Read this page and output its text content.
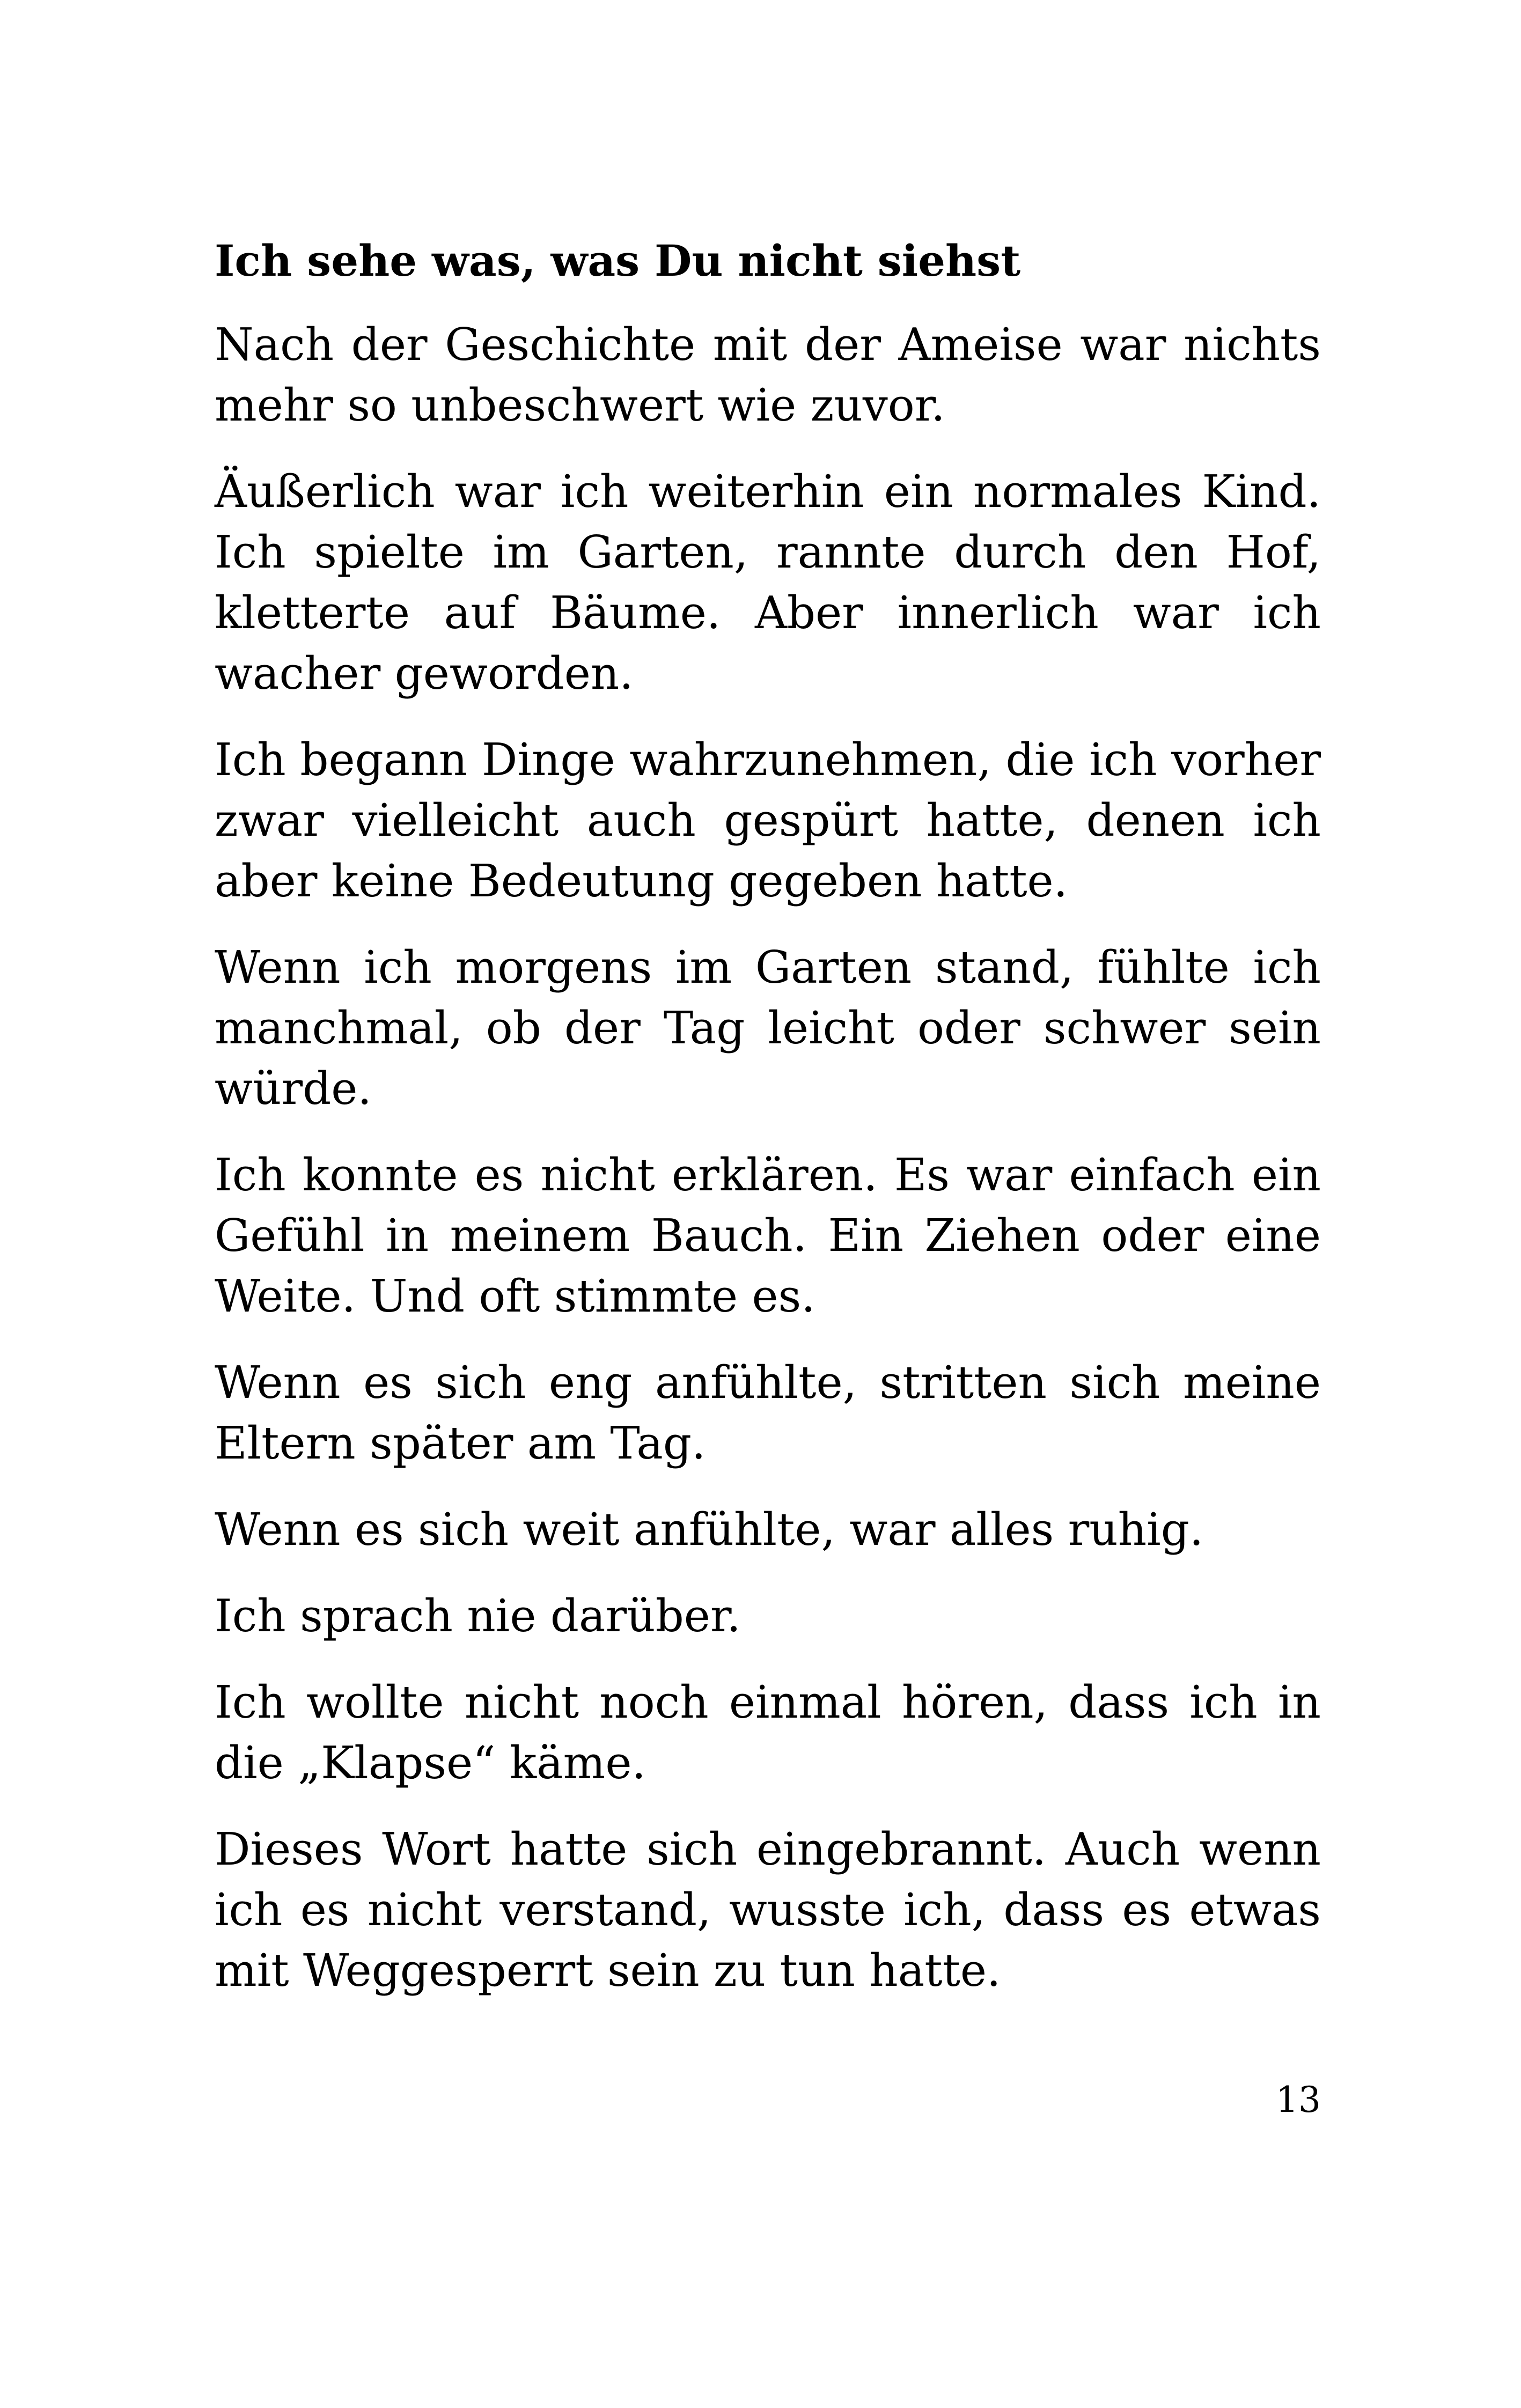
Ich sehe was, was Du nicht siehst

Nach der Geschichte mit der Ameise war nichts mehr so unbeschwert wie zuvor.

Äußerlich war ich weiterhin ein normales Kind. Ich spielte im Garten, rannte durch den Hof, kletterte auf Bäume. Aber innerlich war ich wacher geworden.

Ich begann Dinge wahrzunehmen, die ich vorher zwar vielleicht auch gespürt hatte, denen ich aber keine Bedeutung gegeben hatte.

Wenn ich morgens im Garten stand, fühlte ich manchmal, ob der Tag leicht oder schwer sein würde.

Ich konnte es nicht erklären. Es war einfach ein Gefühl in meinem Bauch. Ein Ziehen oder eine Weite. Und oft stimmte es.

Wenn es sich eng anfühlte, stritten sich meine Eltern später am Tag.

Wenn es sich weit anfühlte, war alles ruhig.

Ich sprach nie darüber.

Ich wollte nicht noch einmal hören, dass ich in die „Klapse“ käme.

Dieses Wort hatte sich eingebrannt. Auch wenn ich es nicht verstand, wusste ich, dass es etwas mit Weggesperrt sein zu tun hatte.

13
